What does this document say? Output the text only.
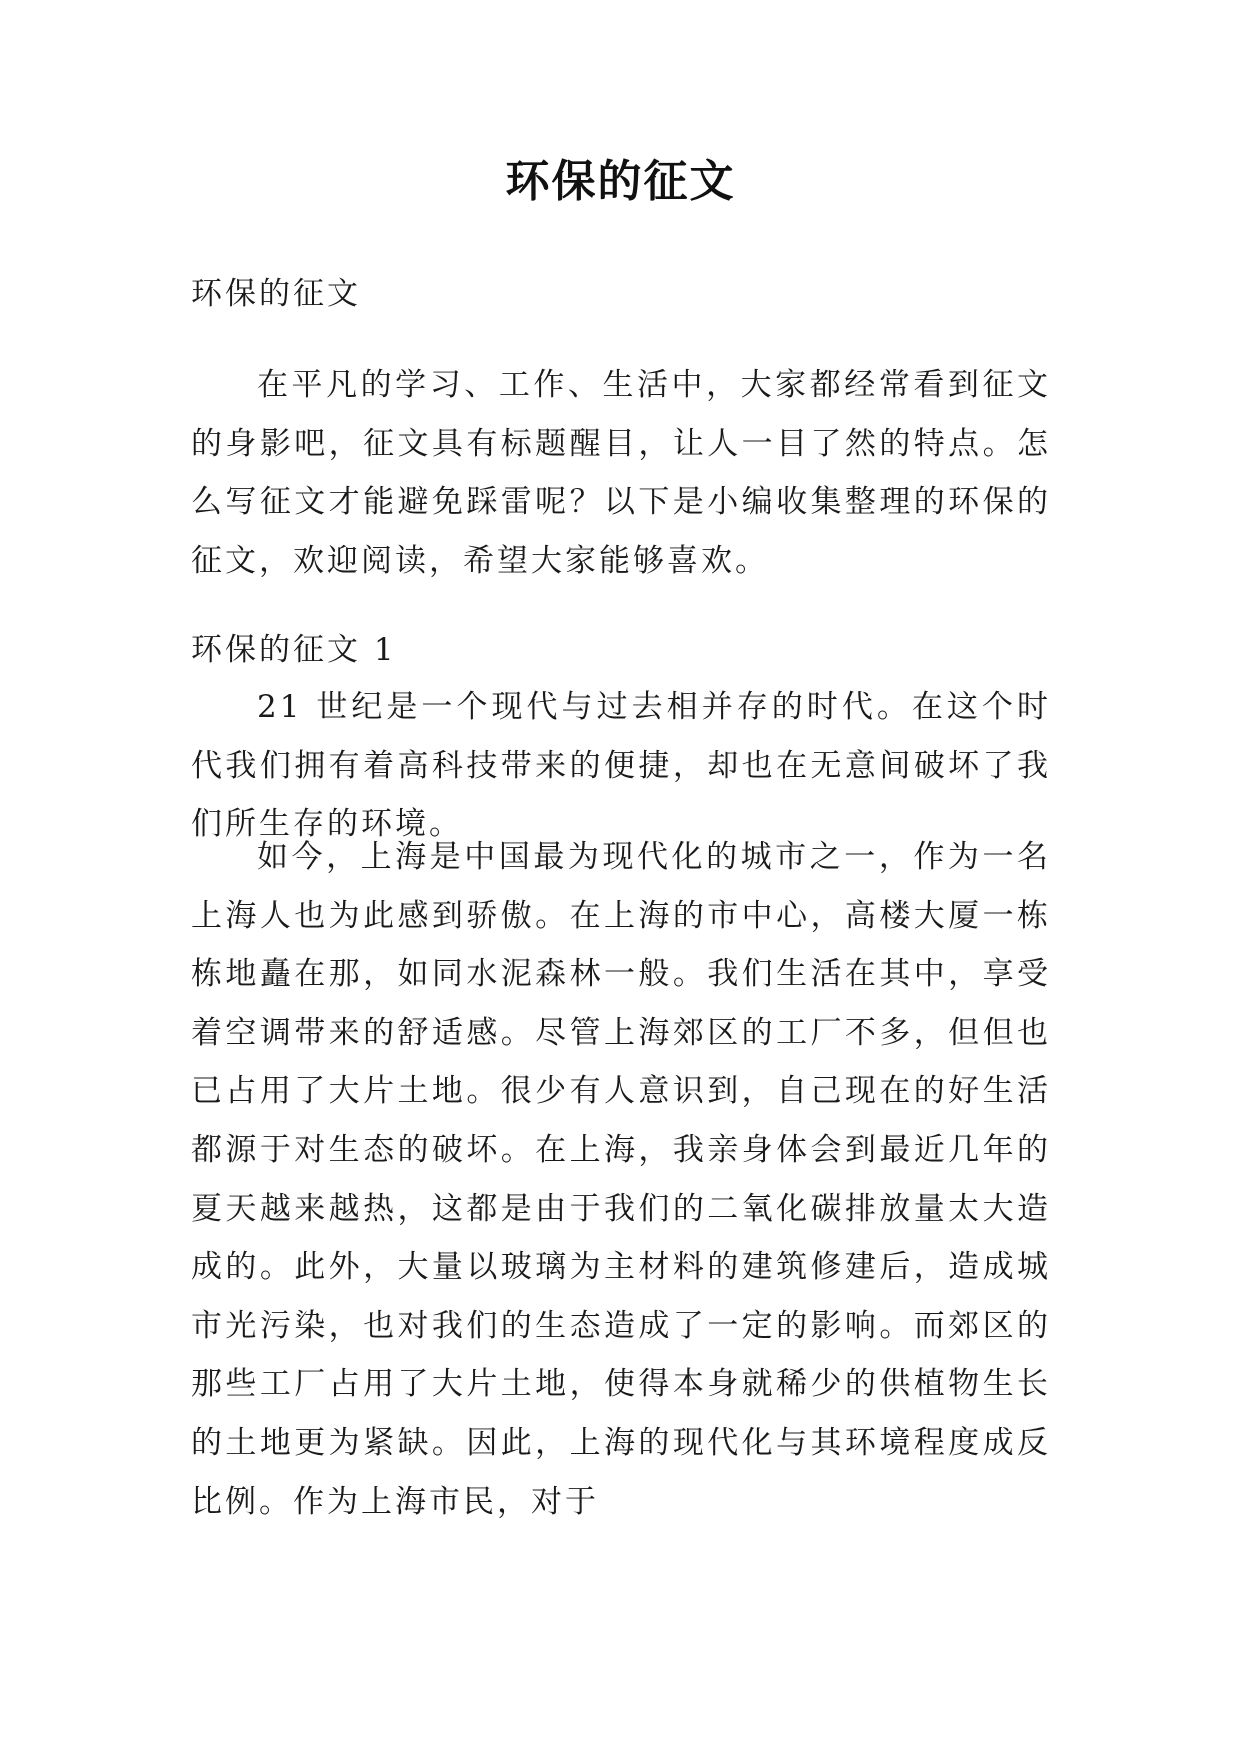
环保的征文

环保的征文

在平凡的学习、工作、生活中，大家都经常看到征文的身影吧，征文具有标题醒目，让人一目了然的特点。怎么写征文才能避免踩雷呢？以下是小编收集整理的环保的征文，欢迎阅读，希望大家能够喜欢。

环保的征文 1

21 世纪是一个现代与过去相并存的时代。在这个时代我们拥有着高科技带来的便捷，却也在无意间破坏了我们所生存的环境。

如今，上海是中国最为现代化的城市之一，作为一名上海人也为此感到骄傲。在上海的市中心，高楼大厦一栋栋地矗在那，如同水泥森林一般。我们生活在其中，享受着空调带来的舒适感。尽管上海郊区的工厂不多，但但也已占用了大片土地。很少有人意识到，自己现在的好生活都源于对生态的破坏。在上海，我亲身体会到最近几年的夏天越来越热，这都是由于我们的二氧化碳排放量太大造成的。此外，大量以玻璃为主材料的建筑修建后，造成城市光污染，也对我们的生态造成了一定的影响。而郊区的那些工厂占用了大片土地，使得本身就稀少的供植物生长的土地更为紧缺。因此，上海的现代化与其环境程度成反比例。作为上海市民，对于
